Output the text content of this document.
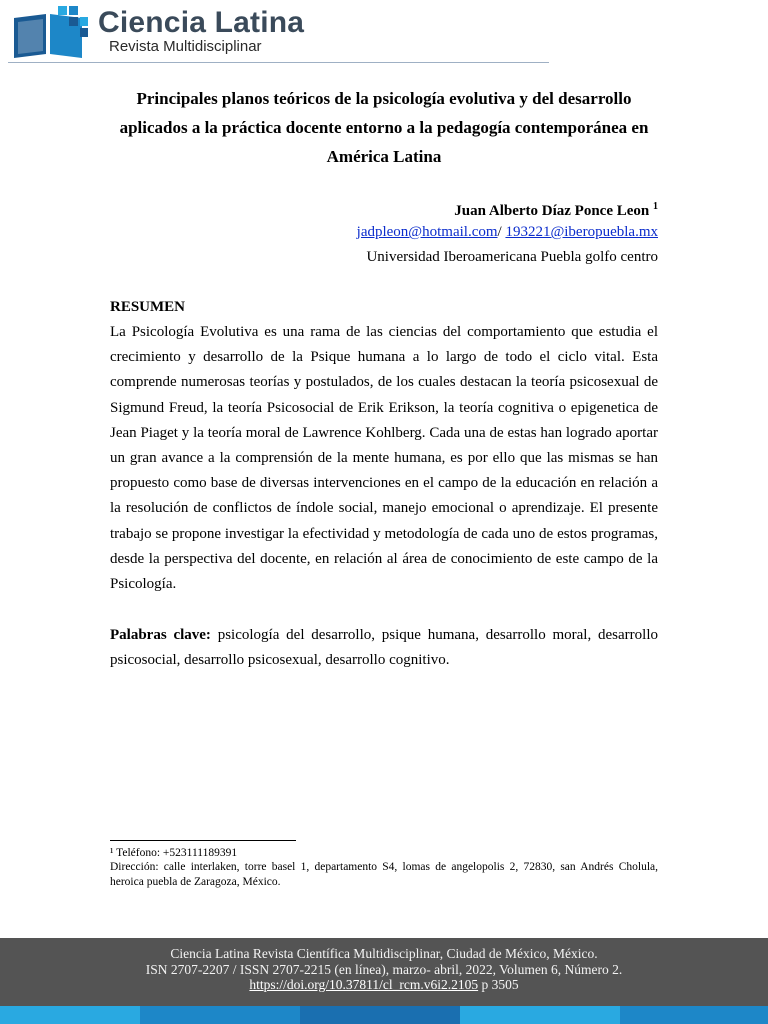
Ciencia Latina
Revista Multidisciplinar
Principales planos teóricos de la psicología evolutiva y del desarrollo aplicados a la práctica docente entorno a la pedagogía contemporánea en América Latina
Juan Alberto Díaz Ponce Leon $^1$
jadpleon@hotmail.com/ 193221@iberopuebla.mx
Universidad Iberoamericana Puebla golfo centro
RESUMEN

La Psicología Evolutiva es una rama de las ciencias del comportamiento que estudia el crecimiento y desarrollo de la Psique humana a lo largo de todo el ciclo vital. Esta comprende numerosas teorías y postulados, de los cuales destacan la teoría psicosexual de Sigmund Freud, la teoría Psicosocial de Erik Erikson, la teoría cognitiva o epigenetica de Jean Piaget y la teoría moral de Lawrence Kohlberg. Cada una de estas han logrado aportar un gran avance a la comprensión de la mente humana, es por ello que las mismas se han propuesto como base de diversas intervenciones en el campo de la educación en relación a la resolución de conflictos de índole social, manejo emocional o aprendizaje. El presente trabajo se propone investigar la efectividad y metodología de cada uno de estos programas, desde la perspectiva del docente, en relación al área de conocimiento de este campo de la Psicología.

Palabras clave: psicología del desarrollo, psique humana, desarrollo moral, desarrollo psicosocial, desarrollo psicosexual, desarrollo cognitivo.

¹ Teléfono: +523111189391

Dirección: calle interlaken, torre basel 1, departamento S4, lomas de angelopolis 2, 72830, san Andrés Cholula, heroica puebla de Zaragoza, México.

Ciencia Latina Revista Científica Multidisciplinar, Ciudad de México, México.
ISN 2707-2207 / ISSN 2707-2215 (en línea), marzo- abril, 2022, Volumen 6, Número 2.
https://doi.org/10.37811/cl_rcm.v6i2.2105 p 3505
